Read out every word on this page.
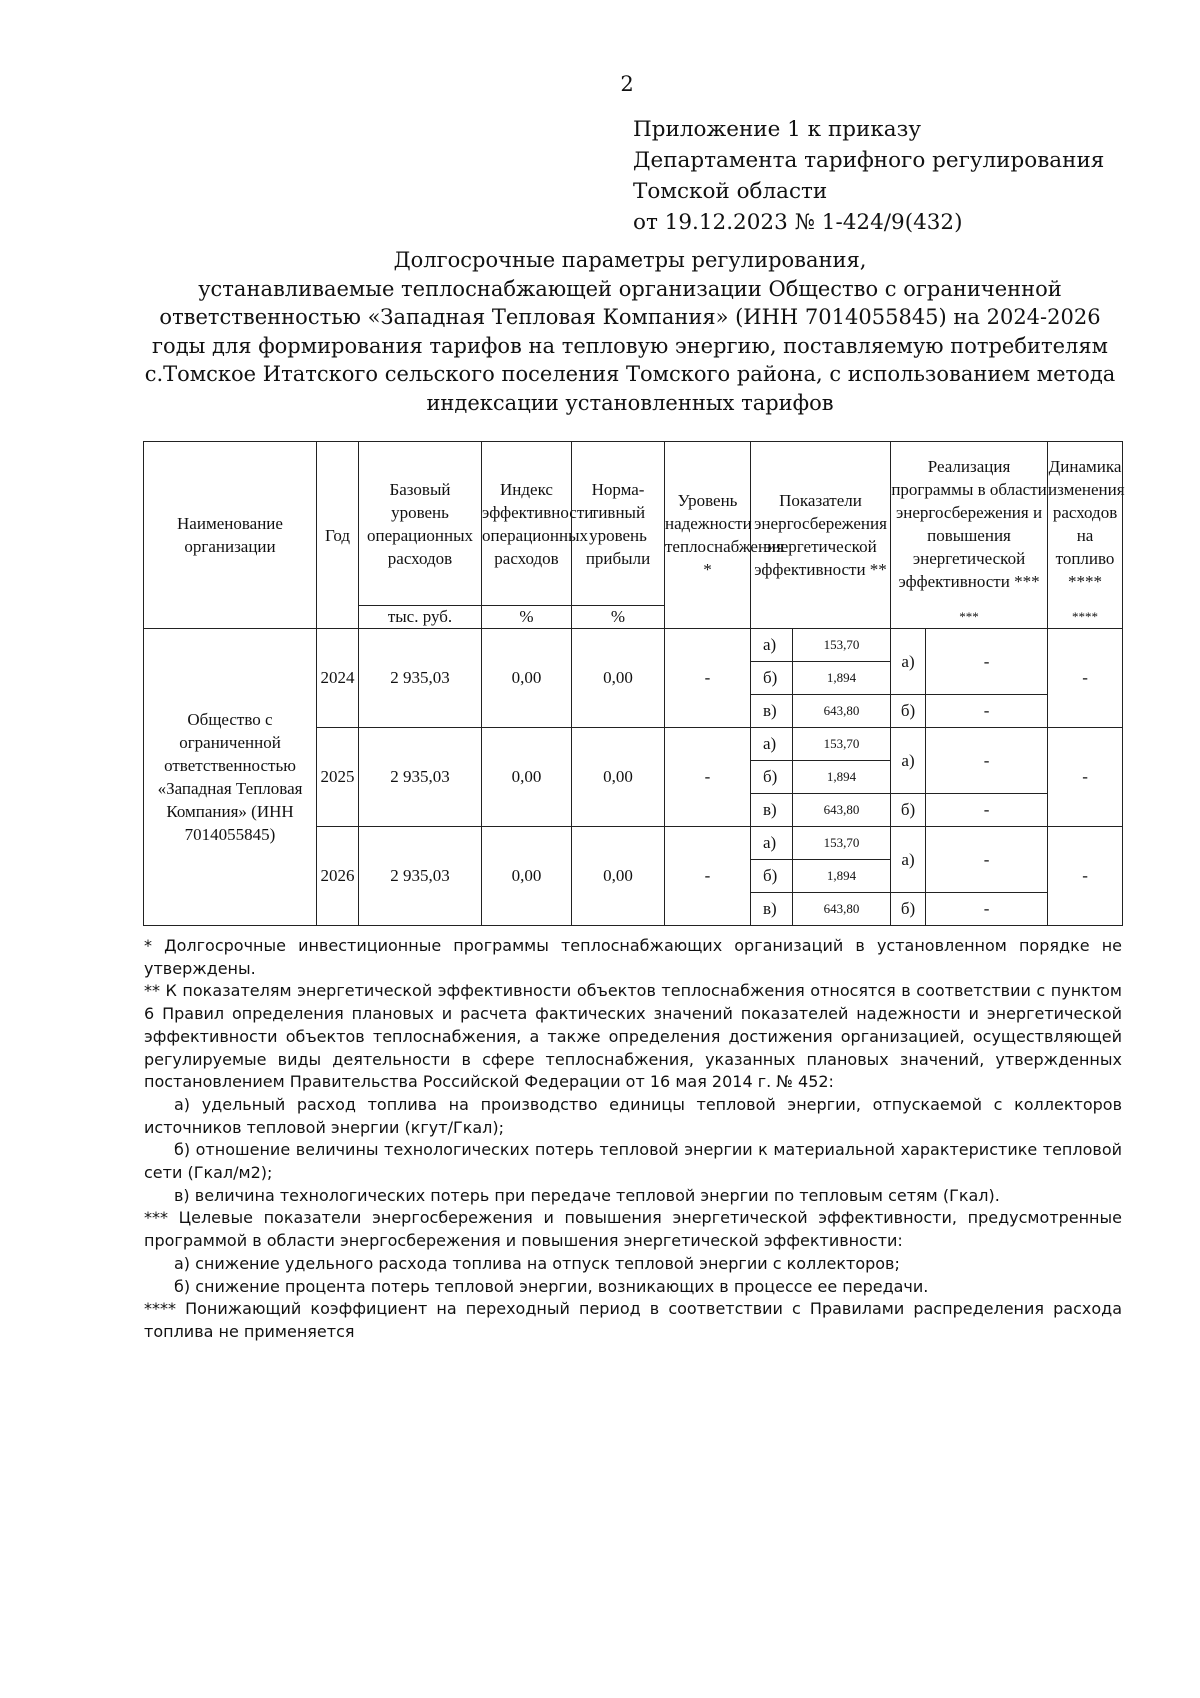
2
Приложение 1 к приказу
Департамента тарифного регулирования
Томской области
от 19.12.2023 № 1-424/9(432)
Долгосрочные параметры регулирования,
устанавливаемые теплоснабжающей организации Общество с ограниченной
ответственностью «Западная Тепловая Компания» (ИНН 7014055845) на 2024-2026
годы для формирования тарифов на тепловую энергию, поставляемую потребителям
с.Томское Итатского сельского поселения Томского района, с использованием метода
индексации установленных тарифов
Наименование организации	Год	Базовый уровень операционных расходов	Индекс эффективности операционных расходов	Норма-тивный уровень прибыли	Уровень надежности теплоснабжения *	Показатели энергосбережения энергетической эффективности **		Реализация программы в области энергосбережения и повышения энергетической эффективности ***		Динамика изменения расходов на топливо ****
		тыс. руб.	%	%				***		****
Общество с ограниченной ответственностью «Западная Тепловая Компания» (ИНН 7014055845)	2024	2 935,03	0,00	0,00	-	а)	153,70	а)	-	-
						б)	1,894			
						в)	643,80	б)	-	
	2025	2 935,03	0,00	0,00	-	а)	153,70	а)	-	-
						б)	1,894			
						в)	643,80	б)	-	
	2026	2 935,03	0,00	0,00	-	а)	153,70	а)	-	-
						б)	1,894			
						в)	643,80	б)	-	

* Долгосрочные инвестиционные программы теплоснабжающих организаций в установленном порядке не утверждены.

** К показателям энергетической эффективности объектов теплоснабжения относятся в соответствии с пунктом 6 Правил определения плановых и расчета фактических значений показателей надежности и энергетической эффективности объектов теплоснабжения, а также определения достижения организацией, осуществляющей регулируемые виды деятельности в сфере теплоснабжения, указанных плановых значений, утвержденных постановлением Правительства Российской Федерации от 16 мая 2014 г. № 452:

а) удельный расход топлива на производство единицы тепловой энергии, отпускаемой с коллекторов источников тепловой энергии (кгут/Гкал);

б) отношение величины технологических потерь тепловой энергии к материальной характеристике тепловой сети (Гкал/м2);

в) величина технологических потерь при передаче тепловой энергии по тепловым сетям (Гкал).

*** Целевые показатели энергосбережения и повышения энергетической эффективности, предусмотренные программой в области энергосбережения и повышения энергетической эффективности:

а) снижение удельного расхода топлива на отпуск тепловой энергии с коллекторов;

б) снижение процента потерь тепловой энергии, возникающих в процессе ее передачи.

**** Понижающий коэффициент на переходный период в соответствии с Правилами распределения расхода топлива не применяется
